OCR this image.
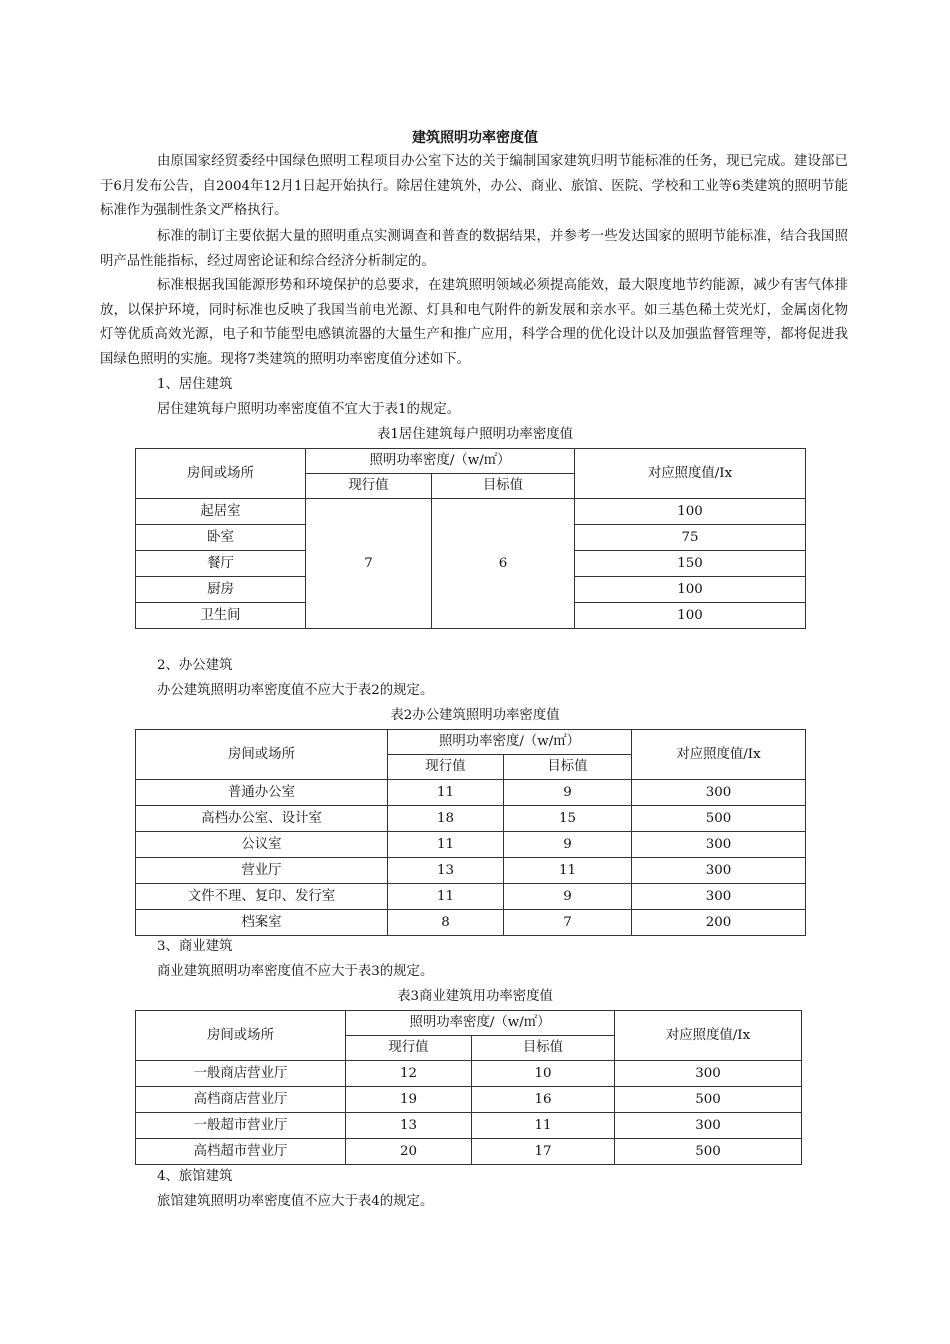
建筑照明功率密度值

由原国家经贸委经中国绿色照明工程项目办公室下达的关于编制国家建筑归明节能标准的任务，现已完成。建设部已于6月发布公告，自2004年12月1日起开始执行。除居住建筑外，办公、商业、旅馆、医院、学校和工业等6类建筑的照明节能标准作为强制性条文严格执行。

标准的制订主要依据大量的照明重点实测调查和普查的数据结果，并参考一些发达国家的照明节能标准，结合我国照明产品性能指标，经过周密论证和综合经济分析制定的。

标准根据我国能源形势和环境保护的总要求，在建筑照明领域必须提高能效，最大限度地节约能源，减少有害气体排放，以保护环境，同时标准也反映了我国当前电光源、灯具和电气附件的新发展和亲水平。如三基色稀土荧光灯，金属卤化物灯等优质高效光源，电子和节能型电感镇流器的大量生产和推广应用，科学合理的优化设计以及加强监督管理等，都将促进我国绿色照明的实施。现将7类建筑的照明功率密度值分述如下。

1、居住建筑
居住建筑每户照明功率密度值不宜大于表1的规定。
表1居住建筑每户照明功率密度值
房间或场所	照明功率密度/（w/㎡）		对应照度值/Ix
	现行值	目标值	
起居室	7	6	100
卧室			75
餐厅			150
厨房			100
卫生间			100
2、办公建筑
办公建筑照明功率密度值不应大于表2的规定。
表2办公建筑照明功率密度值
房间或场所	照明功率密度/（w/㎡）		对应照度值/Ix
	现行值	目标值	
普通办公室	11	9	300
高档办公室、设计室	18	15	500
公议室	11	9	300
营业厅	13	11	300
文件不理、复印、发行室	11	9	300
档案室	8	7	200
3、商业建筑
商业建筑照明功率密度值不应大于表3的规定。
表3商业建筑用功率密度值
房间或场所	照明功率密度/（w/㎡）		对应照度值/Ix
	现行值	目标值	
一般商店营业厅	12	10	300
高档商店营业厅	19	16	500
一般超市营业厅	13	11	300
高档超市营业厅	20	17	500
4、旅馆建筑
旅馆建筑照明功率密度值不应大于表4的规定。
